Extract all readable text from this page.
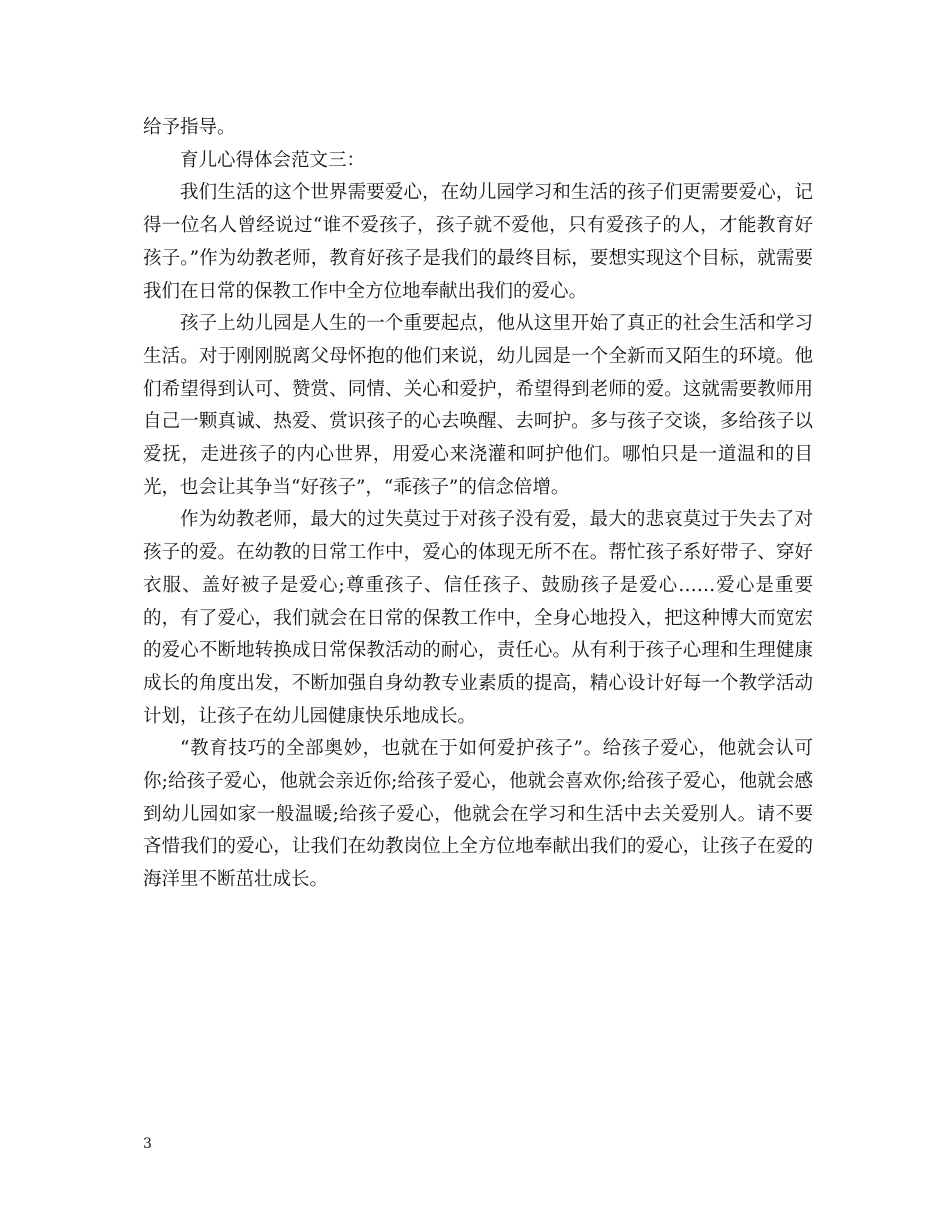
给予指导。

育儿心得体会范文三：

我们生活的这个世界需要爱心，在幼儿园学习和生活的孩子们更需要爱心，记得一位名人曾经说过“谁不爱孩子，孩子就不爱他，只有爱孩子的人，才能教育好孩子。”作为幼教老师，教育好孩子是我们的最终目标，要想实现这个目标，就需要我们在日常的保教工作中全方位地奉献出我们的爱心。

孩子上幼儿园是人生的一个重要起点，他从这里开始了真正的社会生活和学习生活。对于刚刚脱离父母怀抱的他们来说，幼儿园是一个全新而又陌生的环境。他们希望得到认可、赞赏、同情、关心和爱护，希望得到老师的爱。这就需要教师用自己一颗真诚、热爱、赏识孩子的心去唤醒、去呵护。多与孩子交谈，多给孩子以爱抚，走进孩子的内心世界，用爱心来浇灌和呵护他们。哪怕只是一道温和的目光，也会让其争当“好孩子”，“乖孩子”的信念倍增。

作为幼教老师，最大的过失莫过于对孩子没有爱，最大的悲哀莫过于失去了对孩子的爱。在幼教的日常工作中，爱心的体现无所不在。帮忙孩子系好带子、穿好衣服、盖好被子是爱心;尊重孩子、信任孩子、鼓励孩子是爱心……爱心是重要的，有了爱心，我们就会在日常的保教工作中，全身心地投入，把这种博大而宽宏的爱心不断地转换成日常保教活动的耐心，责任心。从有利于孩子心理和生理健康成长的角度出发，不断加强自身幼教专业素质的提高，精心设计好每一个教学活动计划，让孩子在幼儿园健康快乐地成长。

“教育技巧的全部奥妙，也就在于如何爱护孩子”。给孩子爱心，他就会认可你;给孩子爱心，他就会亲近你;给孩子爱心，他就会喜欢你;给孩子爱心，他就会感到幼儿园如家一般温暖;给孩子爱心，他就会在学习和生活中去关爱别人。请不要吝惜我们的爱心，让我们在幼教岗位上全方位地奉献出我们的爱心，让孩子在爱的海洋里不断茁壮成长。

3
